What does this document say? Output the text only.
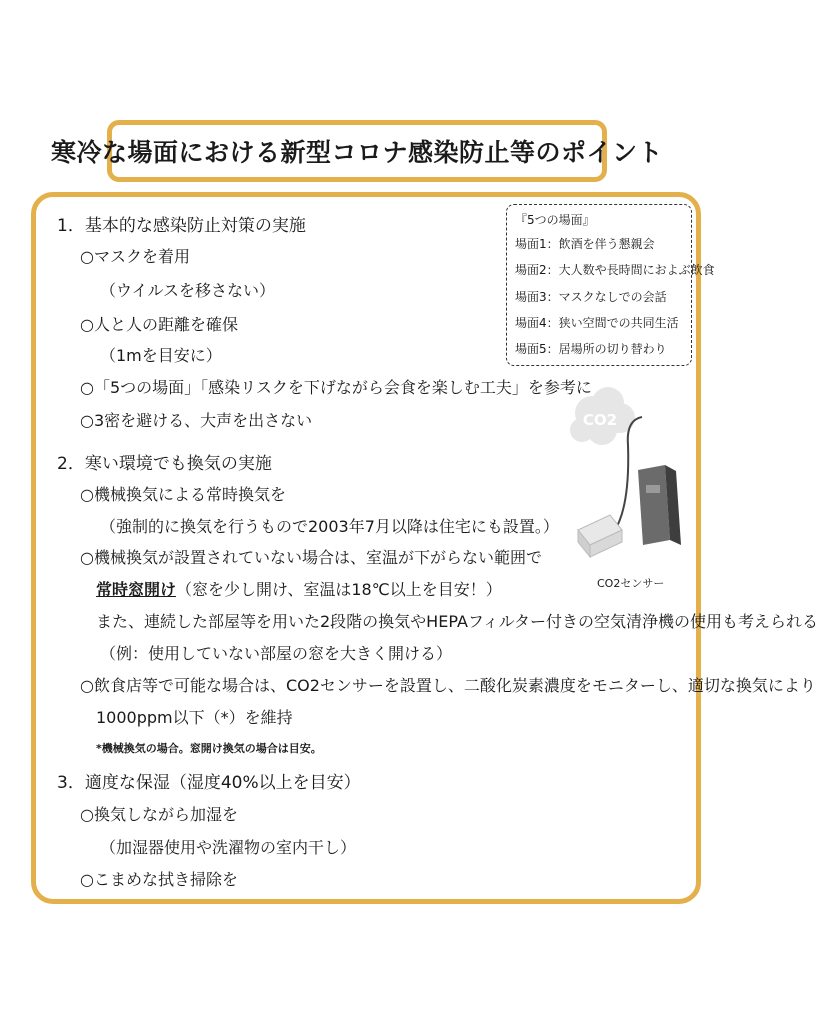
寒冷な場面における新型コロナ感染防止等のポイント
1．基本的な感染防止対策の実施
○マスクを着用
（ウイルスを移さない）
○人と人の距離を確保
（1mを目安に）
○「5つの場面」「感染リスクを下げながら会食を楽しむ工夫」を参考に
○3密を避ける、大声を出さない
2．寒い環境でも換気の実施
○機械換気による常時換気を
（強制的に換気を行うもので2003年7月以降は住宅にも設置。）
○機械換気が設置されていない場合は、室温が下がらない範囲で
常時窓開け（窓を少し開け、室温は18℃以上を目安！）
また、連続した部屋等を用いた2段階の換気やHEPAフィルター付きの空気清浄機の使用も考えられる
（例：使用していない部屋の窓を大きく開ける）
○飲食店等で可能な場合は、CO2センサーを設置し、二酸化炭素濃度をモニターし、適切な換気により
1000ppm以下（*）を維持
*機械換気の場合。窓開け換気の場合は目安。
3．適度な保湿（湿度40%以上を目安）
○換気しながら加湿を
（加湿器使用や洗濯物の室内干し）
○こまめな拭き掃除を
『5つの場面』
場面1：飲酒を伴う懇親会
場面2：大人数や長時間におよぶ飲食
場面3：マスクなしでの会話
場面4：狭い空間での共同生活
場面5：居場所の切り替わり
CO2
CO2センサー
